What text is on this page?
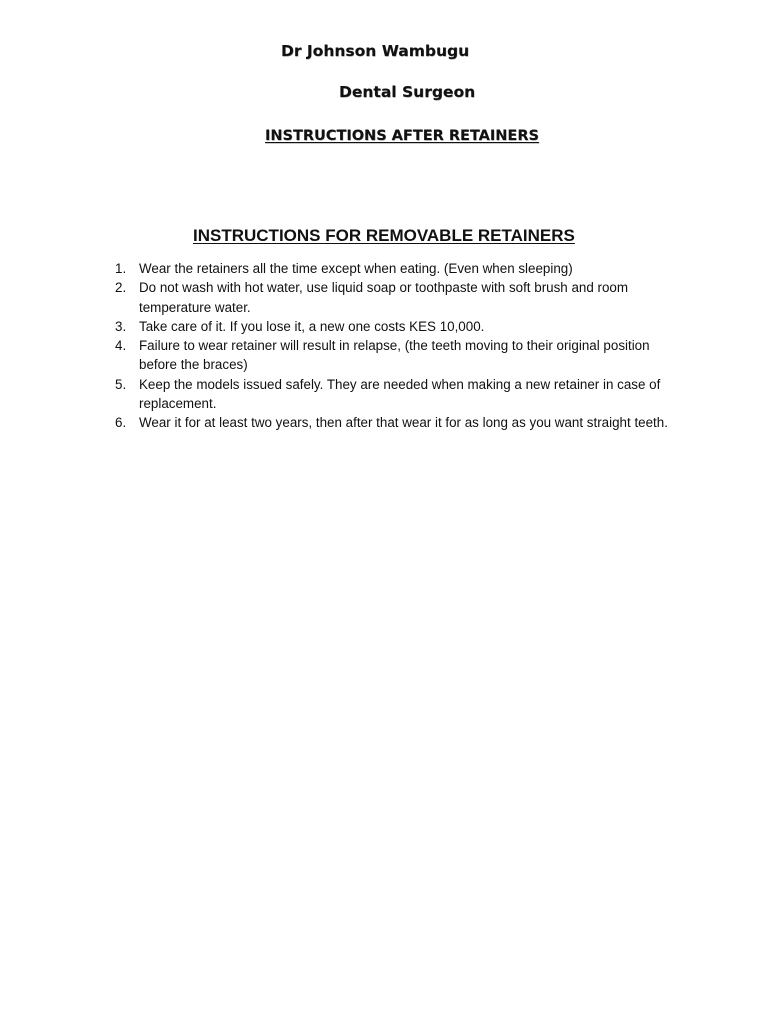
Dr Johnson Wambugu
Dental Surgeon
INSTRUCTIONS AFTER RETAINERS
INSTRUCTIONS FOR REMOVABLE RETAINERS
1. Wear the retainers all the time except when eating. (Even when sleeping)
2. Do not wash with hot water, use liquid soap or toothpaste with soft brush and room temperature water.
3. Take care of it. If you lose it, a new one costs KES 10,000.
4. Failure to wear retainer will result in relapse, (the teeth moving to their original position before the braces)
5. Keep the models issued safely. They are needed when making a new retainer in case of replacement.
6. Wear it for at least two years, then after that wear it for as long as you want straight teeth.
